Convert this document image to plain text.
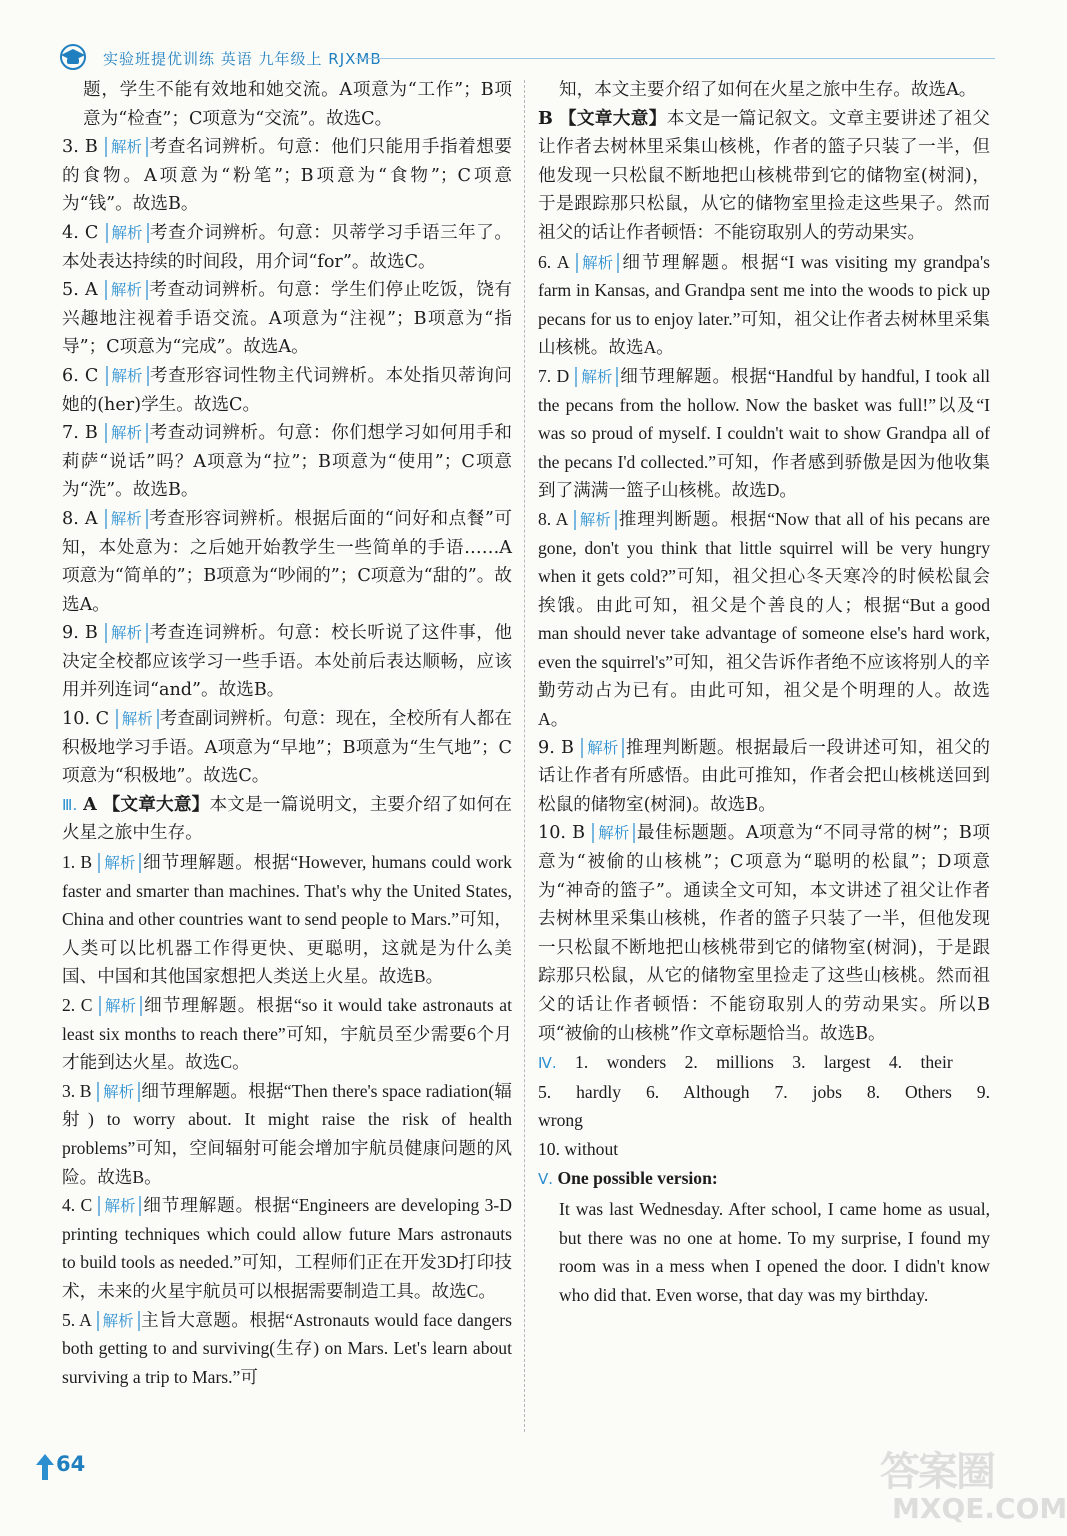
实验班提优训练 英语 九年级上 RJXMB

题，学生不能有效地和她交流。A项意为“工作”；B项意为“检查”；C项意为“交流”。故选C。

3. B 解析 考查名词辨析。句意：他们只能用手指着想要的食物。A项意为“粉笔”；B项意为“食物”；C项意为“钱”。故选B。

4. C 解析 考查介词辨析。句意：贝蒂学习手语三年了。本处表达持续的时间段，用介词“for”。故选C。

5. A 解析 考查动词辨析。句意：学生们停止吃饭，饶有兴趣地注视着手语交流。A项意为“注视”；B项意为“指导”；C项意为“完成”。故选A。

6. C 解析 考查形容词性物主代词辨析。本处指贝蒂询问她的(her)学生。故选C。

7. B 解析 考查动词辨析。句意：你们想学习如何用手和莉萨“说话”吗？A项意为“拉”；B项意为“使用”；C项意为“洗”。故选B。

8. A 解析 考查形容词辨析。根据后面的“问好和点餐”可知，本处意为：之后她开始教学生一些简单的手语……A项意为“简单的”；B项意为“吵闹的”；C项意为“甜的”。故选A。

9. B 解析 考查连词辨析。句意：校长听说了这件事，他决定全校都应该学习一些手语。本处前后表达顺畅，应该用并列连词“and”。故选B。

10. C 解析 考查副词辨析。句意：现在，全校所有人都在积极地学习手语。A项意为“早地”；B项意为“生气地”；C项意为“积极地”。故选C。

Ⅲ. A 【文章大意】本文是一篇说明文，主要介绍了如何在火星之旅中生存。

1. B 解析 细节理解题。根据“However, humans could work faster and smarter than machines. That's why the United States, China and other countries want to send people to Mars.”可知，人类可以比机器工作得更快、更聪明，这就是为什么美国、中国和其他国家想把人类送上火星。故选B。

2. C 解析 细节理解题。根据“so it would take astronauts at least six months to reach there”可知，宇航员至少需要6个月才能到达火星。故选C。

3. B 解析 细节理解题。根据“Then there's space radiation(辐射) to worry about. It might raise the risk of health problems”可知，空间辐射可能会增加宇航员健康问题的风险。故选B。

4. C 解析 细节理解题。根据“Engineers are developing 3-D printing techniques which could allow future Mars astronauts to build tools as needed.”可知，工程师们正在开发3D打印技术，未来的火星宇航员可以根据需要制造工具。故选C。

5. A 解析 主旨大意题。根据“Astronauts would face dangers both getting to and surviving(生存) on Mars. Let's learn about surviving a trip to Mars.”可

知，本文主要介绍了如何在火星之旅中生存。故选A。

B 【文章大意】本文是一篇记叙文。文章主要讲述了祖父让作者去树林里采集山核桃，作者的篮子只装了一半，但他发现一只松鼠不断地把山核桃带到它的储物室(树洞)，于是跟踪那只松鼠，从它的储物室里捡走这些果子。然而祖父的话让作者顿悟：不能窃取别人的劳动果实。

6. A 解析 细节理解题。根据“I was visiting my grandpa's farm in Kansas, and Grandpa sent me into the woods to pick up pecans for us to enjoy later.”可知，祖父让作者去树林里采集山核桃。故选A。

7. D 解析 细节理解题。根据“Handful by handful, I took all the pecans from the hollow. Now the basket was full!”以及“I was so proud of myself. I couldn't wait to show Grandpa all of the pecans I'd collected.”可知，作者感到骄傲是因为他收集到了满满一篮子山核桃。故选D。

8. A 解析 推理判断题。根据“Now that all of his pecans are gone, don't you think that little squirrel will be very hungry when it gets cold?”可知，祖父担心冬天寒冷的时候松鼠会挨饿。由此可知，祖父是个善良的人；根据“But a good man should never take advantage of someone else's hard work, even the squirrel's”可知，祖父告诉作者绝不应该将别人的辛勤劳动占为已有。由此可知，祖父是个明理的人。故选A。

9. B 解析 推理判断题。根据最后一段讲述可知，祖父的话让作者有所感悟。由此可推知，作者会把山核桃送回到松鼠的储物室(树洞)。故选B。

10. B 解析 最佳标题题。A项意为“不同寻常的树”；B项意为“被偷的山核桃”；C项意为“聪明的松鼠”；D项意为“神奇的篮子”。通读全文可知，本文讲述了祖父让作者去树林里采集山核桃，作者的篮子只装了一半，但他发现一只松鼠不断地把山核桃带到它的储物室(树洞)，于是跟踪那只松鼠，从它的储物室里捡走了这些山核桃。然而祖父的话让作者顿悟：不能窃取别人的劳动果实。所以B项“被偷的山核桃”作文章标题恰当。故选B。

Ⅳ. 1. wonders 2. millions 3. largest 4. their

5. hardly 6. Although 7. jobs 8. Others 9. wrong

10. without

Ⅴ. One possible version:

It was last Wednesday. After school, I came home as usual, but there was no one at home. To my surprise, I found my room was in a mess when I opened the door. I didn't know who did that. Even worse, that day was my birthday.

64	答案圈
MXQE.COM
